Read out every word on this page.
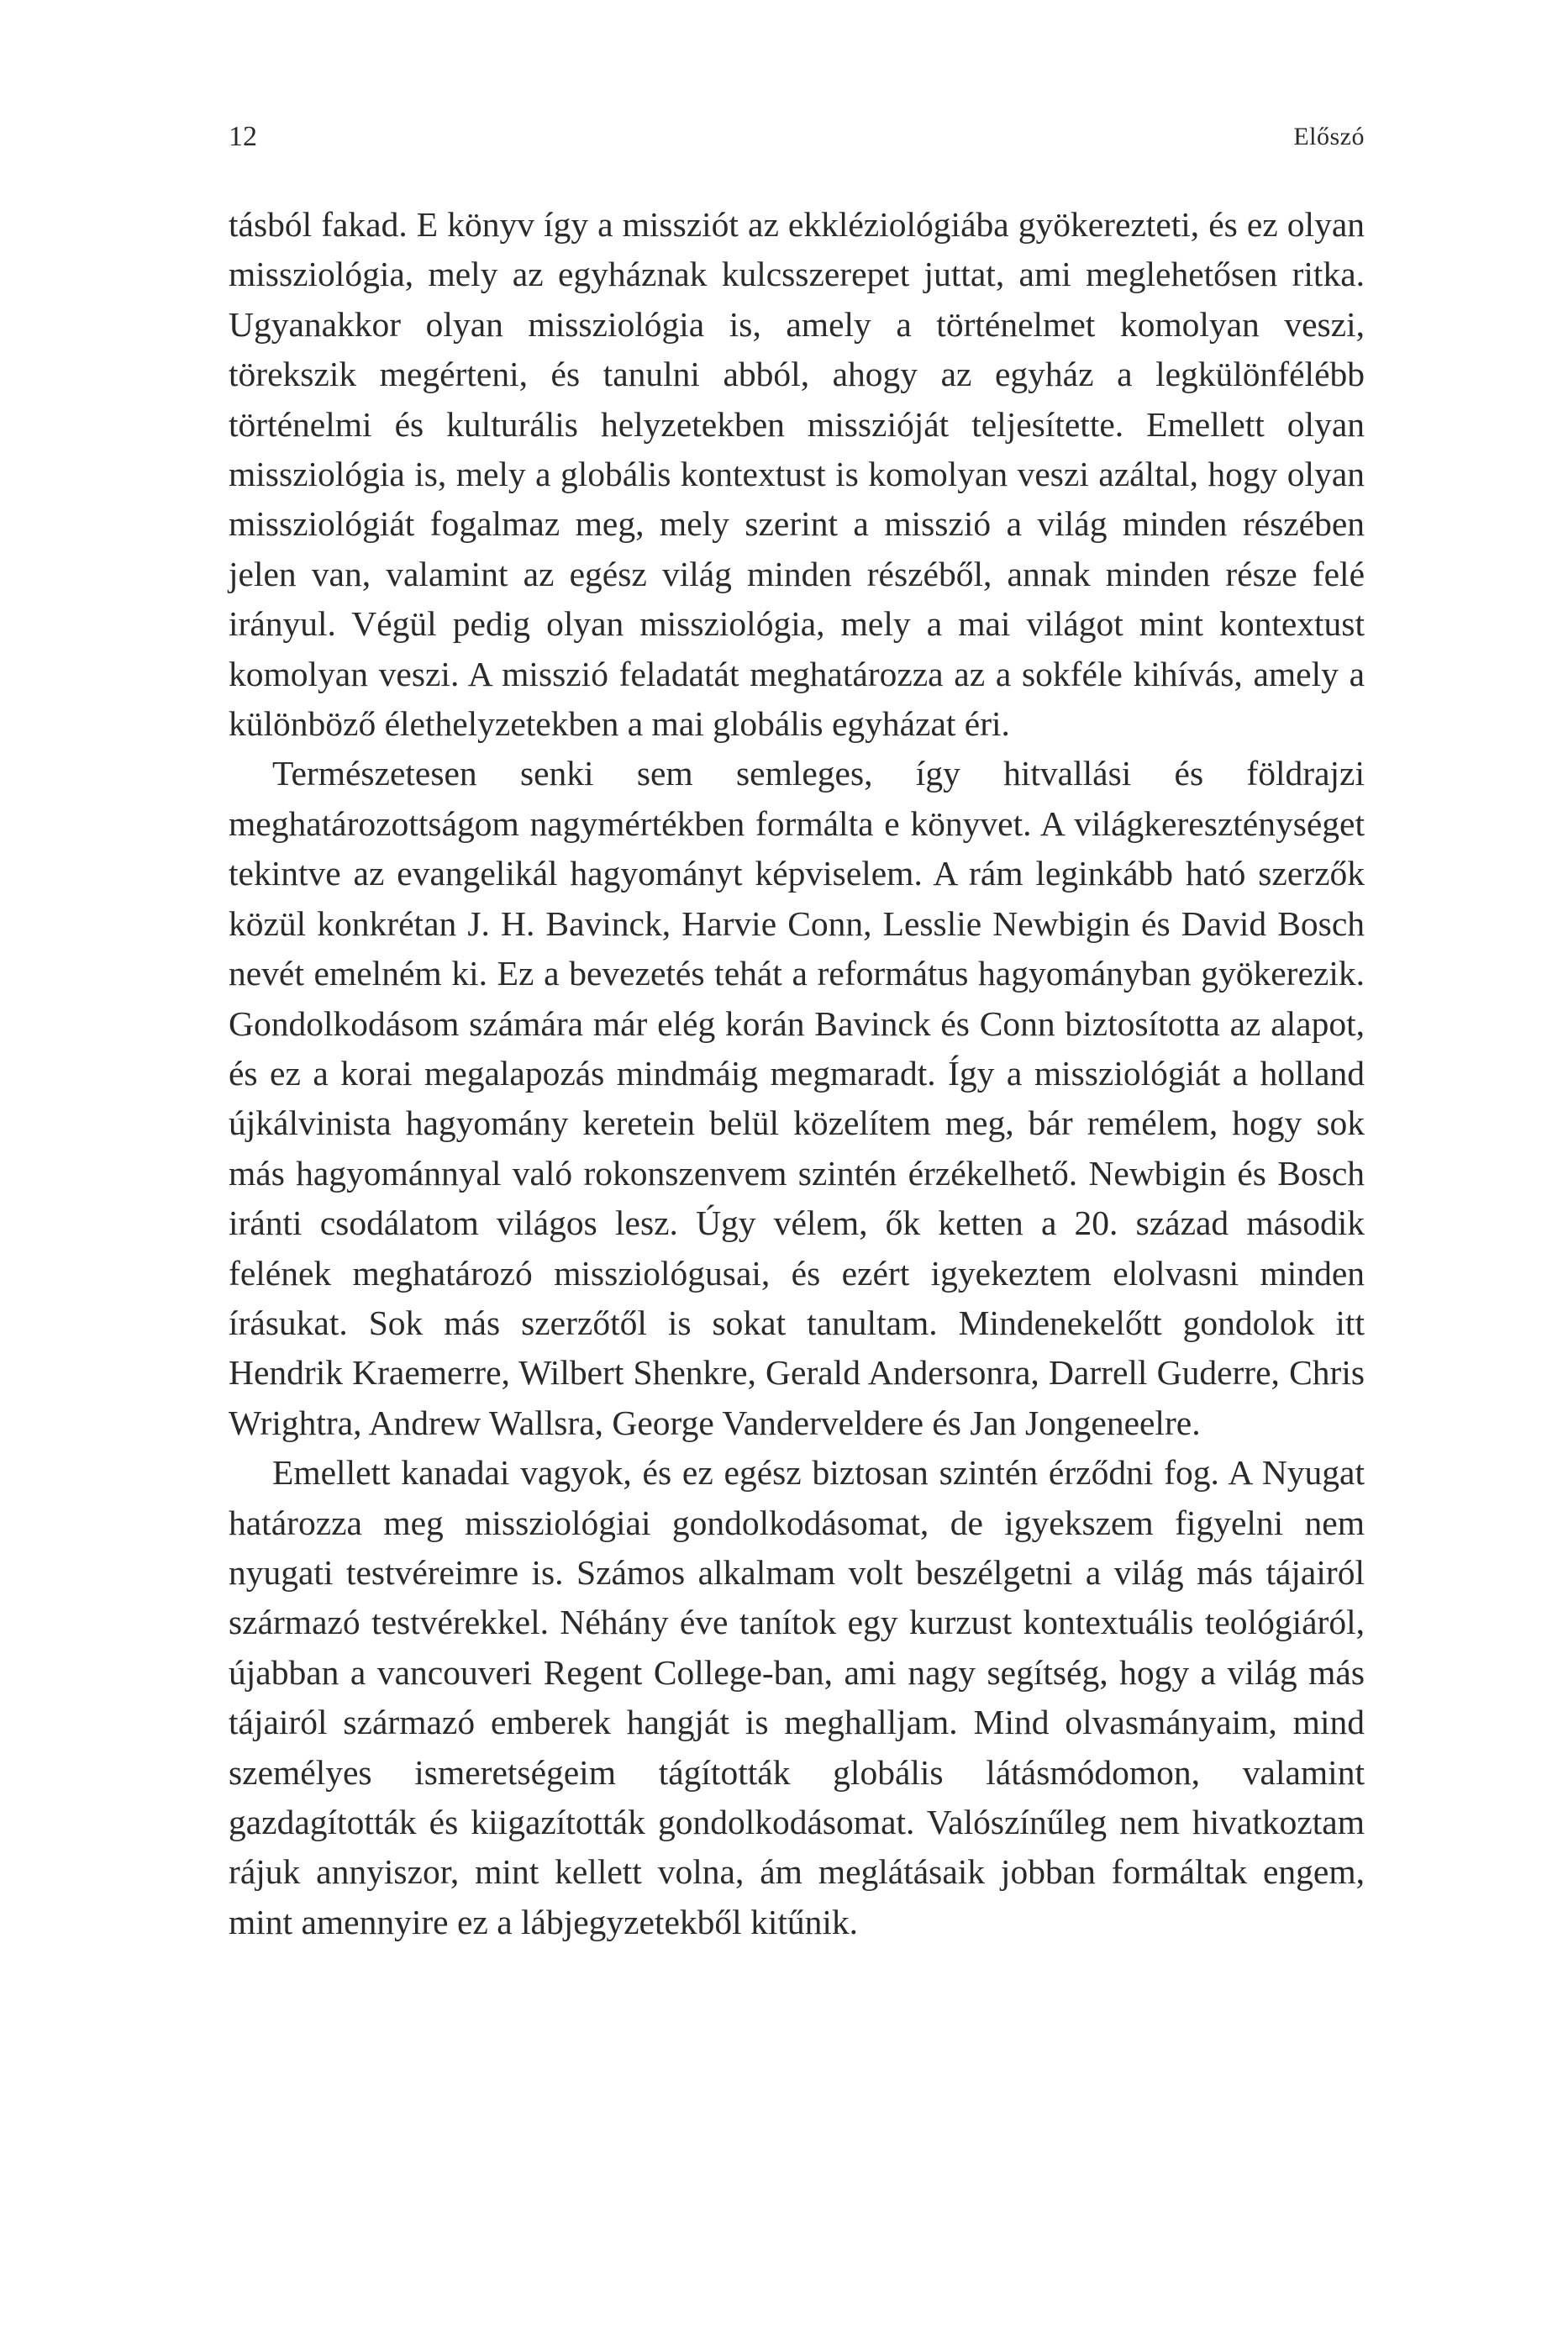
12	Előszó

tásból fakad. E könyv így a missziót az ekkléziológiába gyökerezteti, és ez olyan missziológia, mely az egyháznak kulcsszerepet juttat, ami meglehetősen ritka. Ugyanakkor olyan missziológia is, amely a történelmet komolyan veszi, törekszik megérteni, és tanulni abból, ahogy az egyház a legkülönfélébb történelmi és kulturális helyzetekben misszióját teljesítette. Emellett olyan missziológia is, mely a globális kontextust is komolyan veszi azáltal, hogy olyan missziológiát fogalmaz meg, mely szerint a misszió a világ minden részében jelen van, valamint az egész világ minden részéből, annak minden része felé irányul. Végül pedig olyan missziológia, mely a mai világot mint kontextust komolyan veszi. A misszió feladatát meghatározza az a sokféle kihívás, amely a különböző élethelyzetekben a mai globális egyházat éri.

Természetesen senki sem semleges, így hitvallási és földrajzi meghatározottságom nagymértékben formálta e könyvet. A világkereszténységet tekintve az evangelikál hagyományt képviselem. A rám leginkább ható szerzők közül konkrétan J. H. Bavinck, Harvie Conn, Lesslie Newbigin és David Bosch nevét emelném ki. Ez a bevezetés tehát a református hagyományban gyökerezik. Gondolkodásom számára már elég korán Bavinck és Conn biztosította az alapot, és ez a korai megalapozás mindmáig megmaradt. Így a missziológiát a holland újkálvinista hagyomány keretein belül közelítem meg, bár remélem, hogy sok más hagyománnyal való rokonszenvem szintén érzékelhető. Newbigin és Bosch iránti csodálatom világos lesz. Úgy vélem, ők ketten a 20. század második felének meghatározó missziológusai, és ezért igyekeztem elolvasni minden írásukat. Sok más szerzőtől is sokat tanultam. Mindenekelőtt gondolok itt Hendrik Kraemerre, Wilbert Shenkre, Gerald Andersonra, Darrell Guderre, Chris Wrightra, Andrew Wallsra, George Vanderveldere és Jan Jongeneelre.

Emellett kanadai vagyok, és ez egész biztosan szintén érződni fog. A Nyugat határozza meg missziológiai gondolkodásomat, de igyekszem figyelni nem nyugati testvéreimre is. Számos alkalmam volt beszélgetni a világ más tájairól származó testvérekkel. Néhány éve tanítok egy kurzust kontextuális teológiáról, újabban a vancouveri Regent College-ban, ami nagy segítség, hogy a világ más tájairól származó emberek hangját is meghalljam. Mind olvasmányaim, mind személyes ismeretségeim tágították globális látásmódomon, valamint gazdagították és kiigazították gondolkodásomat. Valószínűleg nem hivatkoztam rájuk annyiszor, mint kellett volna, ám meglátásaik jobban formáltak engem, mint amennyire ez a lábjegyzetekből kitűnik.
